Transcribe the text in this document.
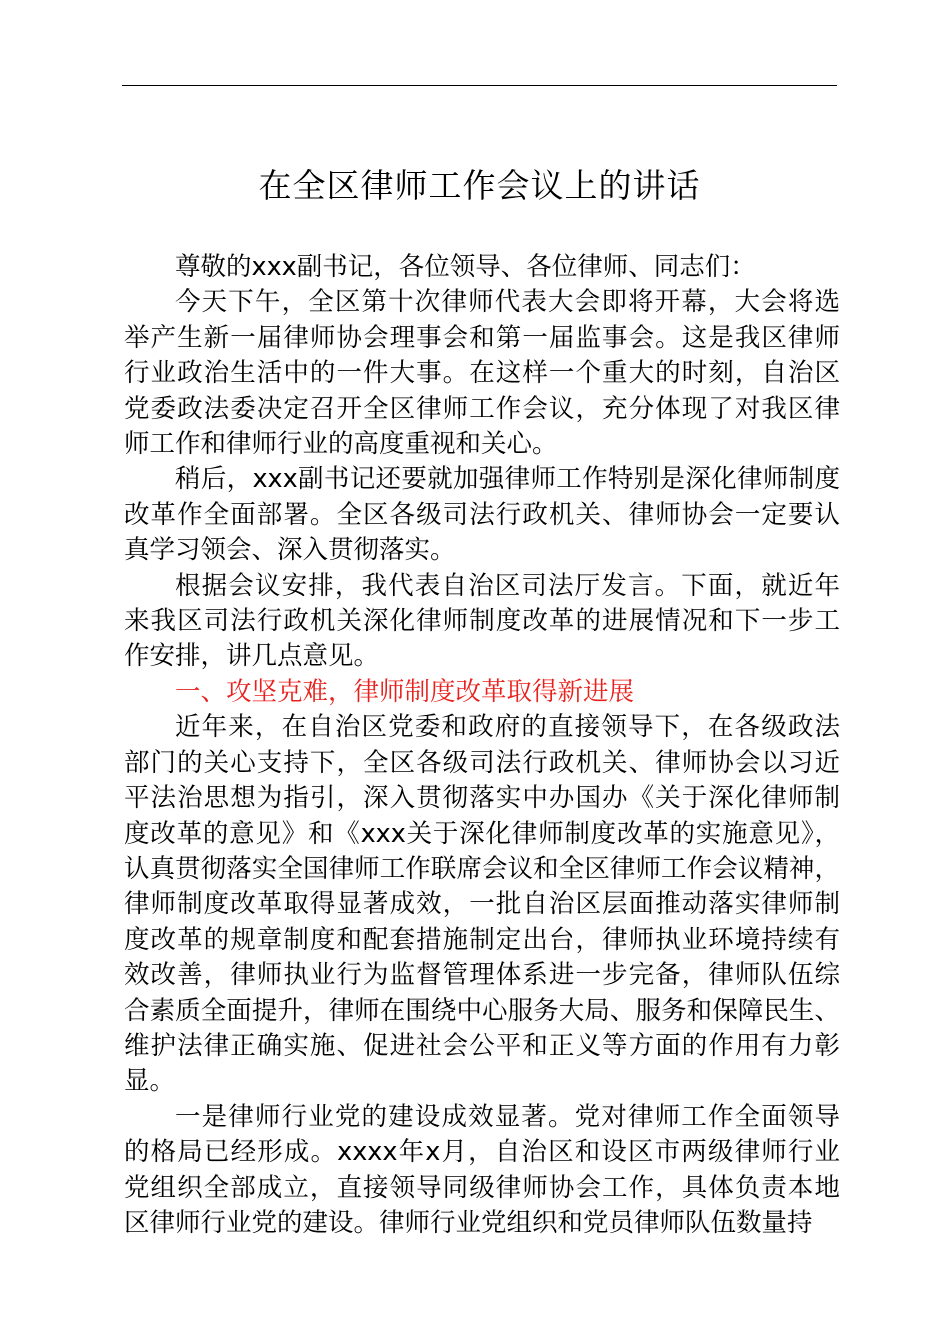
在全区律师工作会议上的讲话
尊敬的xxx副书记，各位领导、各位律师、同志们：
今天下午，全区第十次律师代表大会即将开幕，大会将选
举产生新一届律师协会理事会和第一届监事会。这是我区律师
行业政治生活中的一件大事。在这样一个重大的时刻，自治区
党委政法委决定召开全区律师工作会议，充分体现了对我区律
师工作和律师行业的高度重视和关心。
稍后，xxx副书记还要就加强律师工作特别是深化律师制度
改革作全面部署。全区各级司法行政机关、律师协会一定要认
真学习领会、深入贯彻落实。
根据会议安排，我代表自治区司法厅发言。下面，就近年
来我区司法行政机关深化律师制度改革的进展情况和下一步工
作安排，讲几点意见。
一、攻坚克难，律师制度改革取得新进展
近年来，在自治区党委和政府的直接领导下，在各级政法
部门的关心支持下，全区各级司法行政机关、律师协会以习近
平法治思想为指引，深入贯彻落实中办国办《关于深化律师制
度改革的意见》和《xxx关于深化律师制度改革的实施意见》，
认真贯彻落实全国律师工作联席会议和全区律师工作会议精神，
律师制度改革取得显著成效，一批自治区层面推动落实律师制
度改革的规章制度和配套措施制定出台，律师执业环境持续有
效改善，律师执业行为监督管理体系进一步完备，律师队伍综
合素质全面提升，律师在围绕中心服务大局、服务和保障民生、
维护法律正确实施、促进社会公平和正义等方面的作用有力彰
显。
一是律师行业党的建设成效显著。党对律师工作全面领导
的格局已经形成。xxxx年x月，自治区和设区市两级律师行业
党组织全部成立，直接领导同级律师协会工作，具体负责本地
区律师行业党的建设。律师行业党组织和党员律师队伍数量持
